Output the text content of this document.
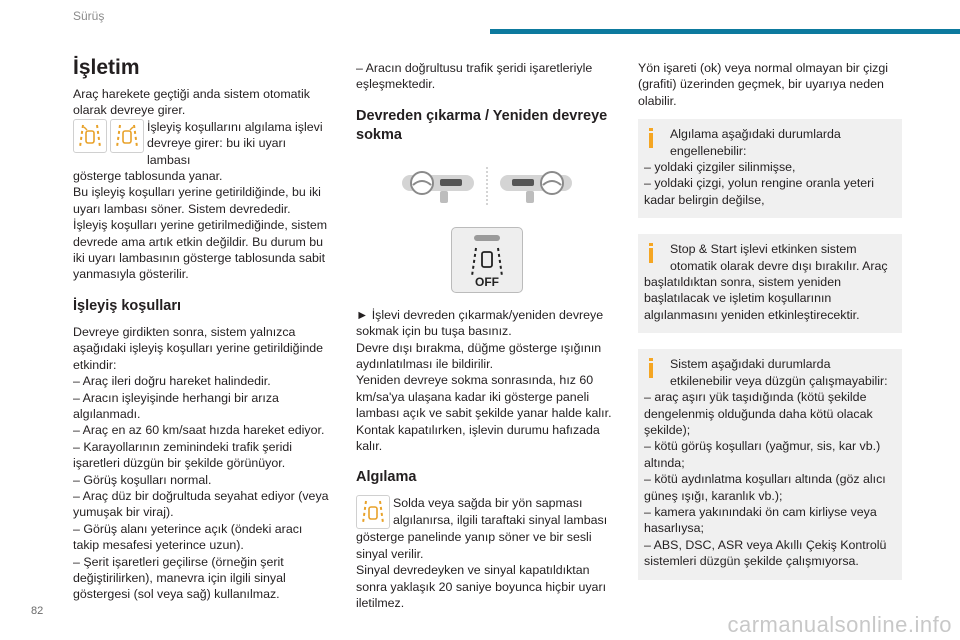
Sürüş

İşletim

Araç harekete geçtiği anda sistem otomatik olarak devreye girer.

İşleyiş koşullarını algılama işlevi devreye girer: bu iki uyarı lambası

gösterge tablosunda yanar.

Bu işleyiş koşulları yerine getirildiğinde, bu iki uyarı lambası söner. Sistem devrededir.

İşleyiş koşulları yerine getirilmediğinde, sistem devrede ama artık etkin değildir. Bu durum bu iki uyarı lambasının gösterge tablosunda sabit yanmasıyla gösterilir.

İşleyiş koşulları

Devreye girdikten sonra, sistem yalnızca aşağıdaki işleyiş koşulları yerine getirildiğinde etkindir:

– Araç ileri doğru hareket halindedir.

– Aracın işleyişinde herhangi bir arıza algılanmadı.

– Araç en az 60 km/saat hızda hareket ediyor.

– Karayollarının zeminindeki trafik şeridi işaretleri düzgün bir şekilde görünüyor.

– Görüş koşulları normal.

– Araç düz bir doğrultuda seyahat ediyor (veya yumuşak bir viraj).

– Görüş alanı yeterince açık (öndeki aracı takip mesafesi yeterince uzun).

– Şerit işaretleri geçilirse (örneğin şerit değiştirilirken), manevra için ilgili sinyal göstergesi (sol veya sağ) kullanılmaz.

– Aracın doğrultusu trafik şeridi işaretleriyle eşleşmektedir.

Devreden çıkarma / Yeniden devreye sokma

OFF

► İşlevi devreden çıkarmak/yeniden devreye sokmak için bu tuşa basınız.

Devre dışı bırakma, düğme gösterge ışığının aydınlatılması ile bildirilir.

Yeniden devreye sokma sonrasında, hız 60 km/sa'ya ulaşana kadar iki gösterge paneli lambası açık ve sabit şekilde yanar halde kalır.

Kontak kapatılırken, işlevin durumu hafızada kalır.

Algılama

Solda veya sağda bir yön sapması algılanırsa, ilgili taraftaki sinyal lambası

gösterge panelinde yanıp söner ve bir sesli sinyal verilir.

Sinyal devredeyken ve sinyal kapatıldıktan sonra yaklaşık 20 saniye boyunca hiçbir uyarı iletilmez.

Yön işareti (ok) veya normal olmayan bir çizgi (grafiti) üzerinden geçmek, bir uyarıya neden olabilir.

Algılama aşağıdaki durumlarda engellenebilir:

– yoldaki çizgiler silinmişse,

– yoldaki çizgi, yolun rengine oranla yeteri kadar belirgin değilse,

Stop & Start işlevi etkinken sistem otomatik olarak devre dışı bırakılır. Araç

başlatıldıktan sonra, sistem yeniden başlatılacak ve işletim koşullarının algılanmasını yeniden etkinleştirecektir.

Sistem aşağıdaki durumlarda etkilenebilir veya düzgün çalışmayabilir:

– araç aşırı yük taşıdığında (kötü şekilde dengelenmiş olduğunda daha kötü olacak şekilde);

– kötü görüş koşulları (yağmur, sis, kar vb.) altında;

– kötü aydınlatma koşulları altında (göz alıcı güneş ışığı, karanlık vb.);

– kamera yakınındaki ön cam kirliyse veya hasarlıysa;

– ABS, DSC, ASR veya Akıllı Çekiş Kontrolü sistemleri düzgün şekilde çalışmıyorsa.

82
carmanualsonline.info
